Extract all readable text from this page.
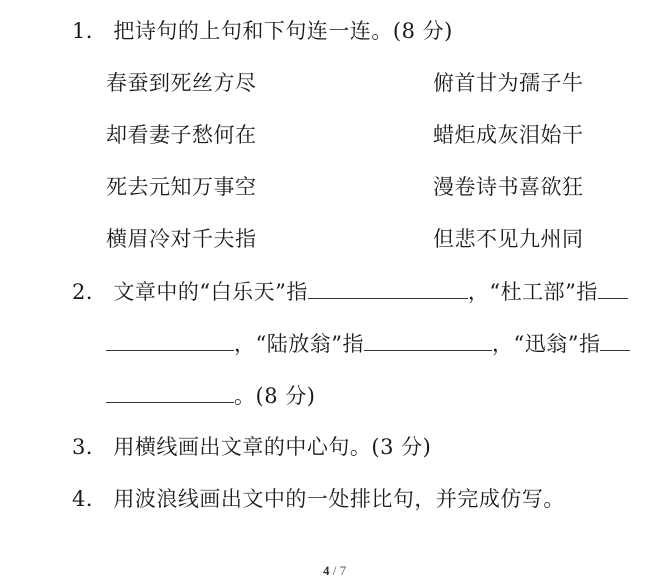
1． 把诗句的上句和下句连一连。(8 分)
春蚕到死丝方尽
却看妻子愁何在
死去元知万事空
横眉冷对千夫指
俯首甘为孺子牛
蜡炬成灰泪始干
漫卷诗书喜欲狂
但悲不见九州同
2． 文章中的“白乐天”指	，“杜工部”指
，“陆放翁”指	，“迅翁”指
。(8 分)
3． 用横线画出文章的中心句。(3 分)
4． 用波浪线画出文中的一处排比句，并完成仿写。
4 / 7
